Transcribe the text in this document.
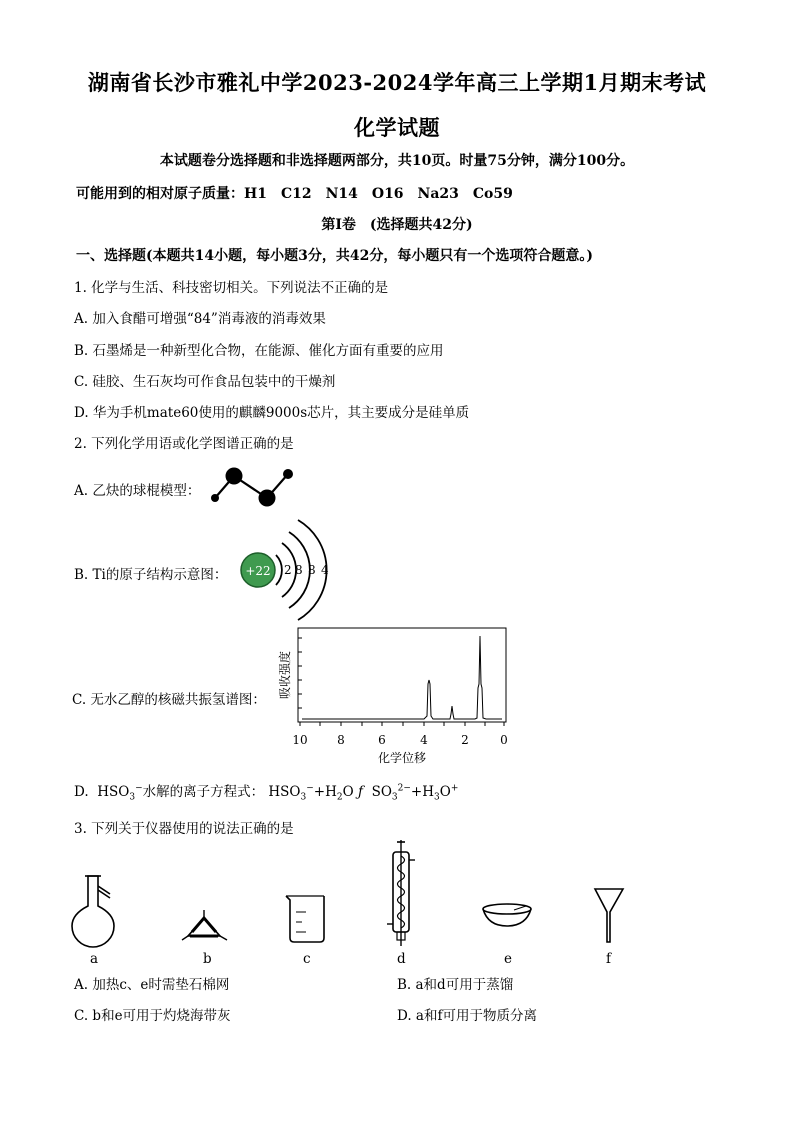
湖南省长沙市雅礼中学2023-2024学年高三上学期1月期末考试
化学试题
本试题卷分选择题和非选择题两部分，共10页。时量75分钟，满分100分。
可能用到的相对原子质量：H1　C12　N14　O16　Na23　Co59
第Ⅰ卷　(选择题共42分)
一、选择题(本题共14小题，每小题3分，共42分，每小题只有一个选项符合题意。)
1. 化学与生活、科技密切相关。下列说法不正确的是
A. 加入食醋可增强“84”消毒液的消毒效果
B. 石墨烯是一种新型化合物，在能源、催化方面有重要的应用
C. 硅胶、生石灰均可作食品包装中的干燥剂
D. 华为手机mate60使用的麒麟9000s芯片，其主要成分是硅单质
2. 下列化学用语或化学图谱正确的是
A. 乙炔的球棍模型：
B. Ti的原子结构示意图： +22 2 8 8 4
C. 无水乙醇的核磁共振氢谱图：
吸收强度
10 8	6	4	2	0
化学位移
D. $HSO_3^-$水解的离子方程式： $HSO_3^-+H_2O$ ƒ $SO_3^{2-}+H_3O^+$
3. 下列关于仪器使用的说法正确的是
a	b	c	d	e	f
A. 加热c、e时需垫石棉网	B. a和d可用于蒸馏
C. b和e可用于灼烧海带灰	D. a和f可用于物质分离
